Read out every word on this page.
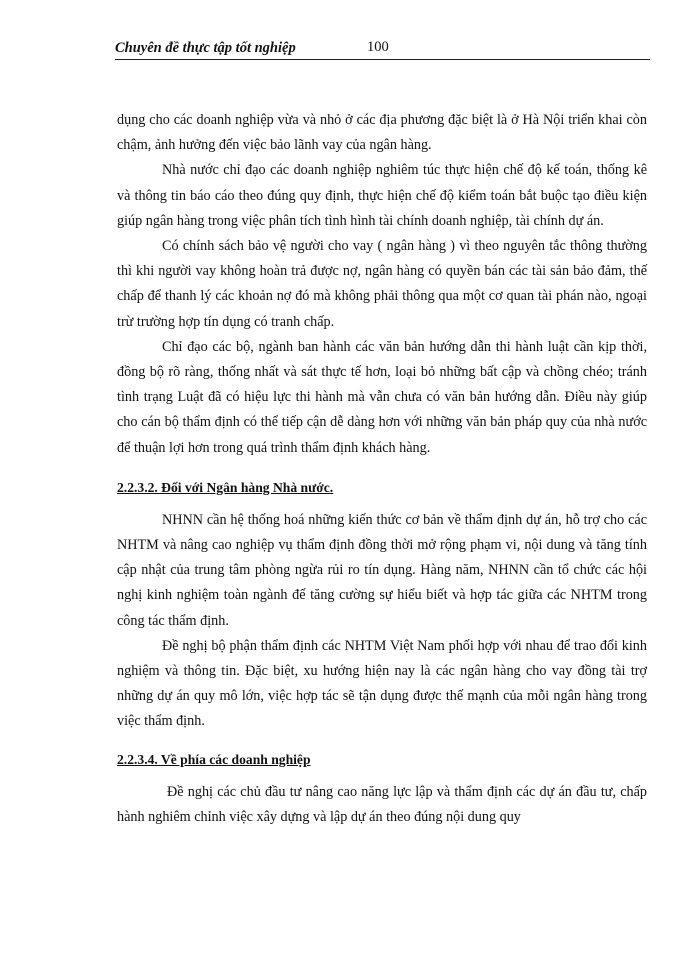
Chuyên đề thực tập tốt nghiệp	100

dụng cho các doanh nghiệp vừa và nhỏ ở các địa phương đặc biệt là ở Hà Nội triển khai còn chậm, ảnh hưởng đến việc bảo lãnh vay của ngân hàng.

Nhà nước chỉ đạo các doanh nghiệp nghiêm túc thực hiện chế độ kế toán, thống kê và thông tin báo cáo theo đúng quy định, thực hiện chế độ kiểm toán bắt buộc tạo điều kiện giúp ngân hàng trong việc phân tích tình hình tài chính doanh nghiệp, tài chính dự án.

Có chính sách bảo vệ người cho vay ( ngân hàng ) vì theo nguyên tắc thông thường thì khi người vay không hoàn trả được nợ, ngân hàng có quyền bán các tài sản bảo đảm, thế chấp để thanh lý các khoản nợ đó mà không phải thông qua một cơ quan tài phán nào, ngoại trừ trường hợp tín dụng có tranh chấp.

Chỉ đạo các bộ, ngành ban hành các văn bản hướng dẫn thi hành luật cần kịp thời, đồng bộ rõ ràng, thống nhất và sát thực tế hơn, loại bỏ những bất cập và chồng chéo; tránh tình trạng Luật đã có hiệu lực thi hành mà vẫn chưa có văn bản hướng dẫn. Điều này giúp cho cán bộ thẩm định có thể tiếp cận dễ dàng hơn với những văn bản pháp quy của nhà nước để thuận lợi hơn trong quá trình thẩm định khách hàng.

2.2.3.2. Đối với Ngân hàng Nhà nước.

NHNN cần hệ thống hoá những kiến thức cơ bản về thẩm định dự án, hỗ trợ cho các NHTM và nâng cao nghiệp vụ thẩm định đồng thời mở rộng phạm vi, nội dung và tăng tính cập nhật của trung tâm phòng ngừa rủi ro tín dụng. Hàng năm, NHNN cần tổ chức các hội nghị kinh nghiệm toàn ngành để tăng cường sự hiểu biết và hợp tác giữa các NHTM trong công tác thẩm định.

Đề nghị bộ phận thẩm định các NHTM Việt Nam phối hợp với nhau để trao đổi kinh nghiệm và thông tin. Đặc biệt, xu hướng hiện nay là các ngân hàng cho vay đồng tài trợ những dự án quy mô lớn, việc hợp tác sẽ tận dụng được thế mạnh của mỗi ngân hàng trong việc thẩm định.

2.2.3.4. Về phía các doanh nghiệp

Đề nghị các chủ đầu tư nâng cao năng lực lập và thẩm định các dự án đầu tư, chấp hành nghiêm chỉnh việc xây dựng và lập dự án theo đúng nội dung quy
